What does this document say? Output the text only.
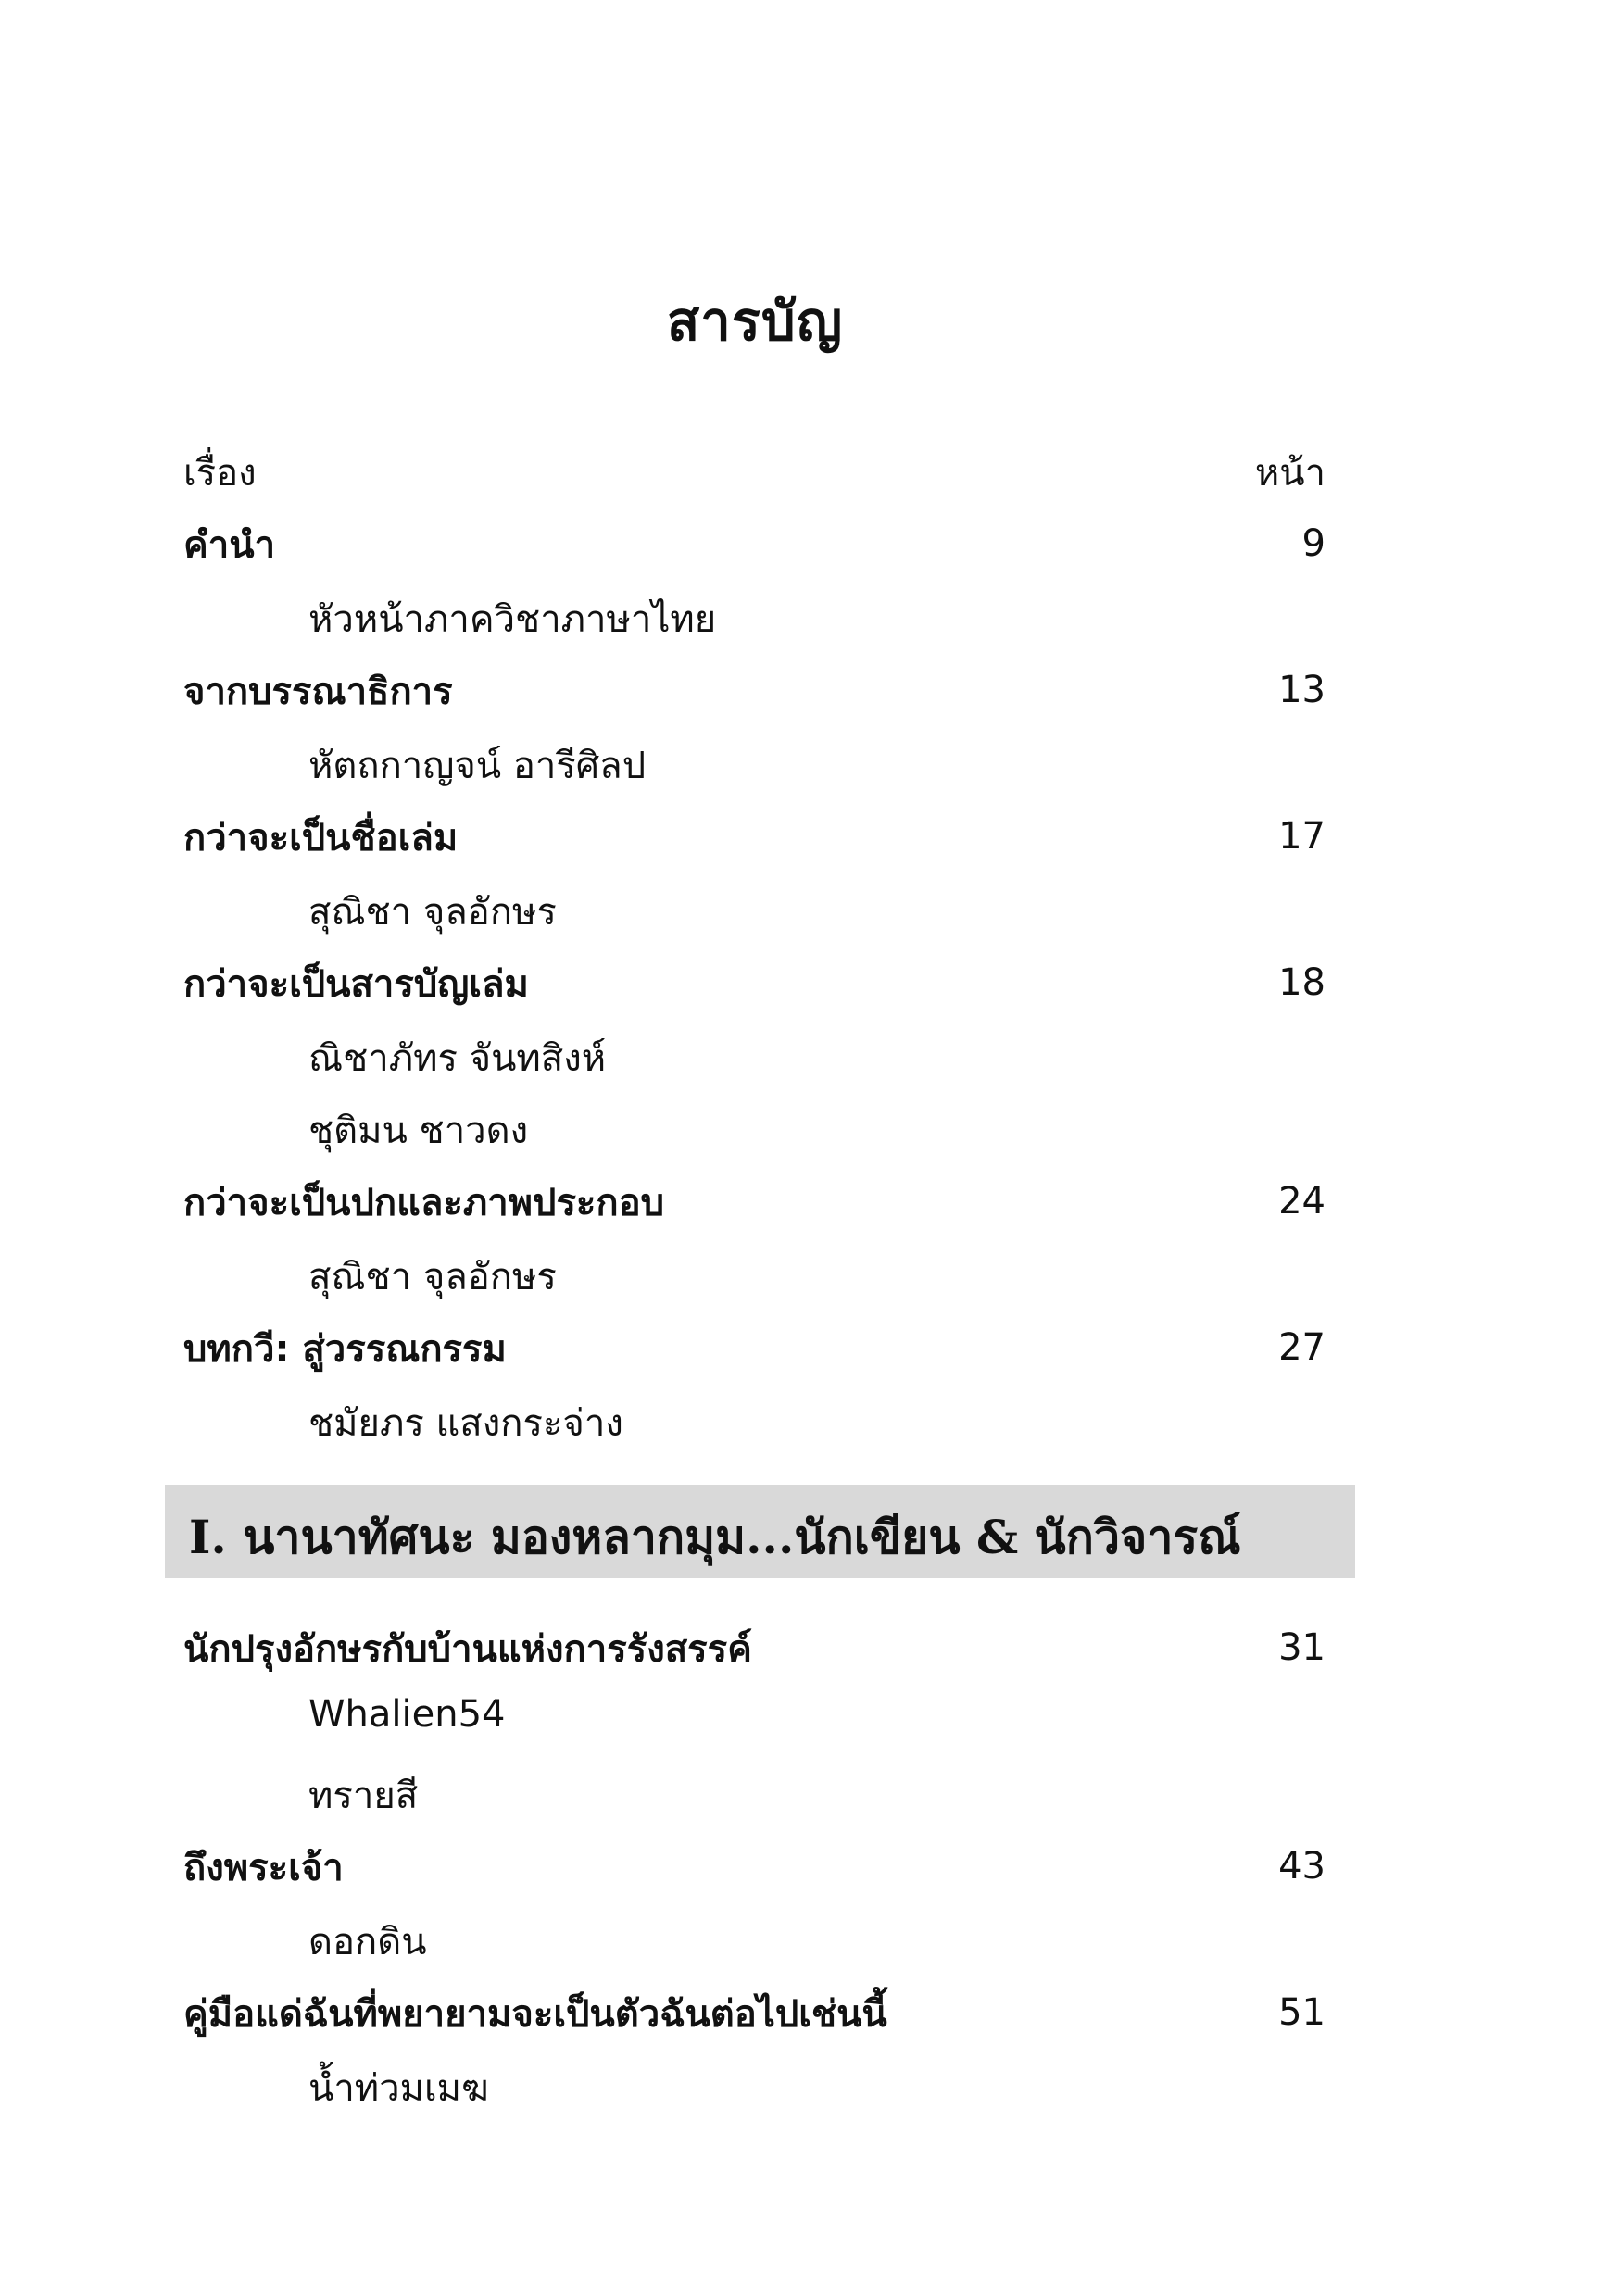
สารบัญ
เรื่อง	หน้า
คำนำ	9
หัวหน้าภาควิชาภาษาไทย
จากบรรณาธิการ	13
หัตถกาญจน์ อารีศิลป
กว่าจะเป็นชื่อเล่ม	17
สุณิชา จุลอักษร
กว่าจะเป็นสารบัญเล่ม	18
ณิชาภัทร จันทสิงห์
ชุติมน ชาวดง
กว่าจะเป็นปกและภาพประกอบ	24
สุณิชา จุลอักษร
บทกวี: สู่วรรณกรรม	27
ชมัยภร แสงกระจ่าง
I. นานาทัศนะ มองหลากมุม...นักเขียน & นักวิจารณ์
นักปรุงอักษรกับบ้านแห่งการรังสรรค์	31
Whalien54
ทรายสี
ถึงพระเจ้า	43
ดอกดิน
คู่มือแด่ฉันที่พยายามจะเป็นตัวฉันต่อไปเช่นนี้	51
น้ำท่วมเมฆ
